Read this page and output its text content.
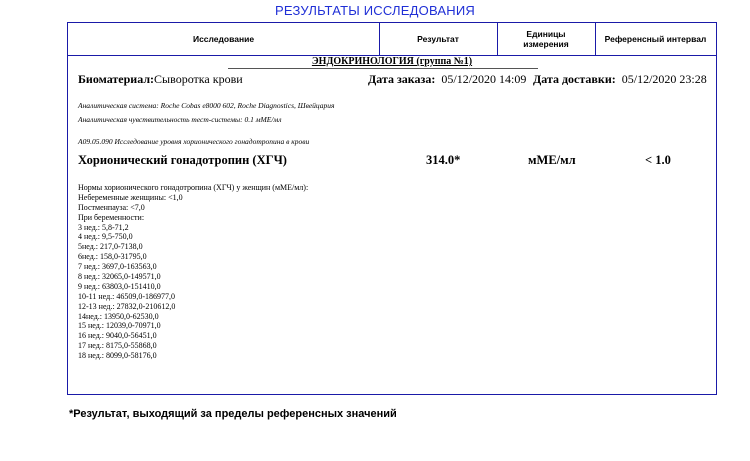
РЕЗУЛЬТАТЫ ИССЛЕДОВАНИЯ
Исследование	Результат	Единицы
измерения	Референсный интервал
ЭНДОКРИНОЛОГИЯ (группа №1)
Биоматериал:Сыворотка крови	Дата заказа: 05/12/2020 14:09 Дата доставки: 05/12/2020 23:28
Аналитическая система: Roche Cobas e8000 602, Roche Diagnostics, Швейцария
Аналитическая чувствительность тест-системы: 0.1 мМЕ/мл
А09.05.090 Исследование уровня хорионического гонадотропина в крови
Хорионический гонадотропин (ХГЧ)	314.0*	мМЕ/мл	< 1.0
Нормы хорионического гонадотропина (ХГЧ) у женщин (мМЕ/мл):
Небеременные женщины: <1,0
Постменпауза: <7,0
При беременности:
3 нед.: 5,8-71,2
4 нед.: 9,5-750,0
5нед.: 217,0-7138,0
6нед.: 158,0-31795,0
7 нед.: 3697,0-163563,0
8 нед.: 32065,0-149571,0
9 нед.: 63803,0-151410,0
10-11 нед.: 46509,0-186977,0
12-13 нед.: 27832,0-210612,0
14нед.: 13950,0-62530,0
15 нед.: 12039,0-70971,0
16 нед.: 9040,0-56451,0
17 нед.: 8175,0-55868,0
18 нед.: 8099,0-58176,0
*Результат, выходящий за пределы референсных значений
